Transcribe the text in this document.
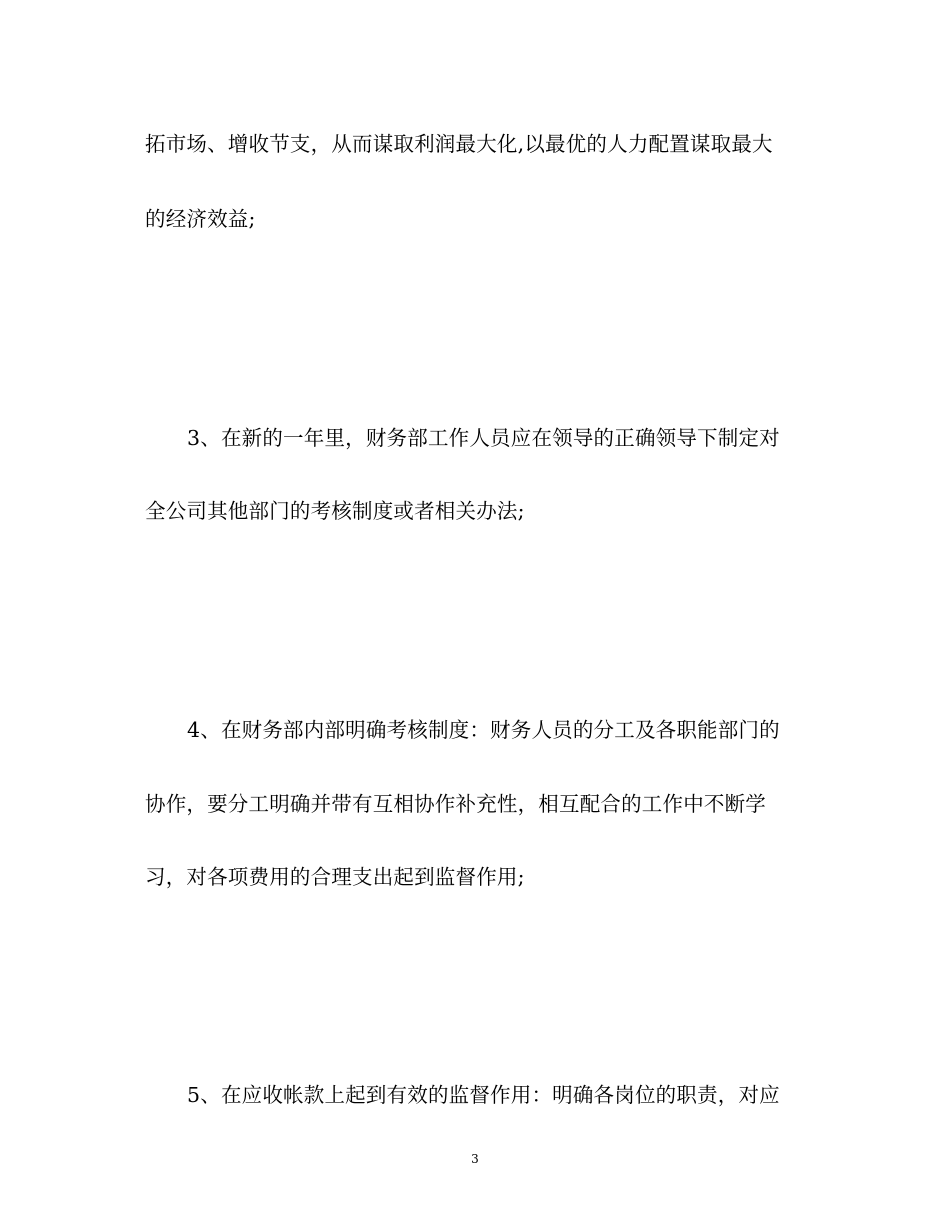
拓市场、增收节支，从而谋取利润最大化,以最优的人力配置谋取最大
的经济效益;
3、在新的一年里，财务部工作人员应在领导的正确领导下制定对
全公司其他部门的考核制度或者相关办法;
4、在财务部内部明确考核制度：财务人员的分工及各职能部门的
协作，要分工明确并带有互相协作补充性，相互配合的工作中不断学
习，对各项费用的合理支出起到监督作用;
5、在应收帐款上起到有效的监督作用：明确各岗位的职责，对应
3
